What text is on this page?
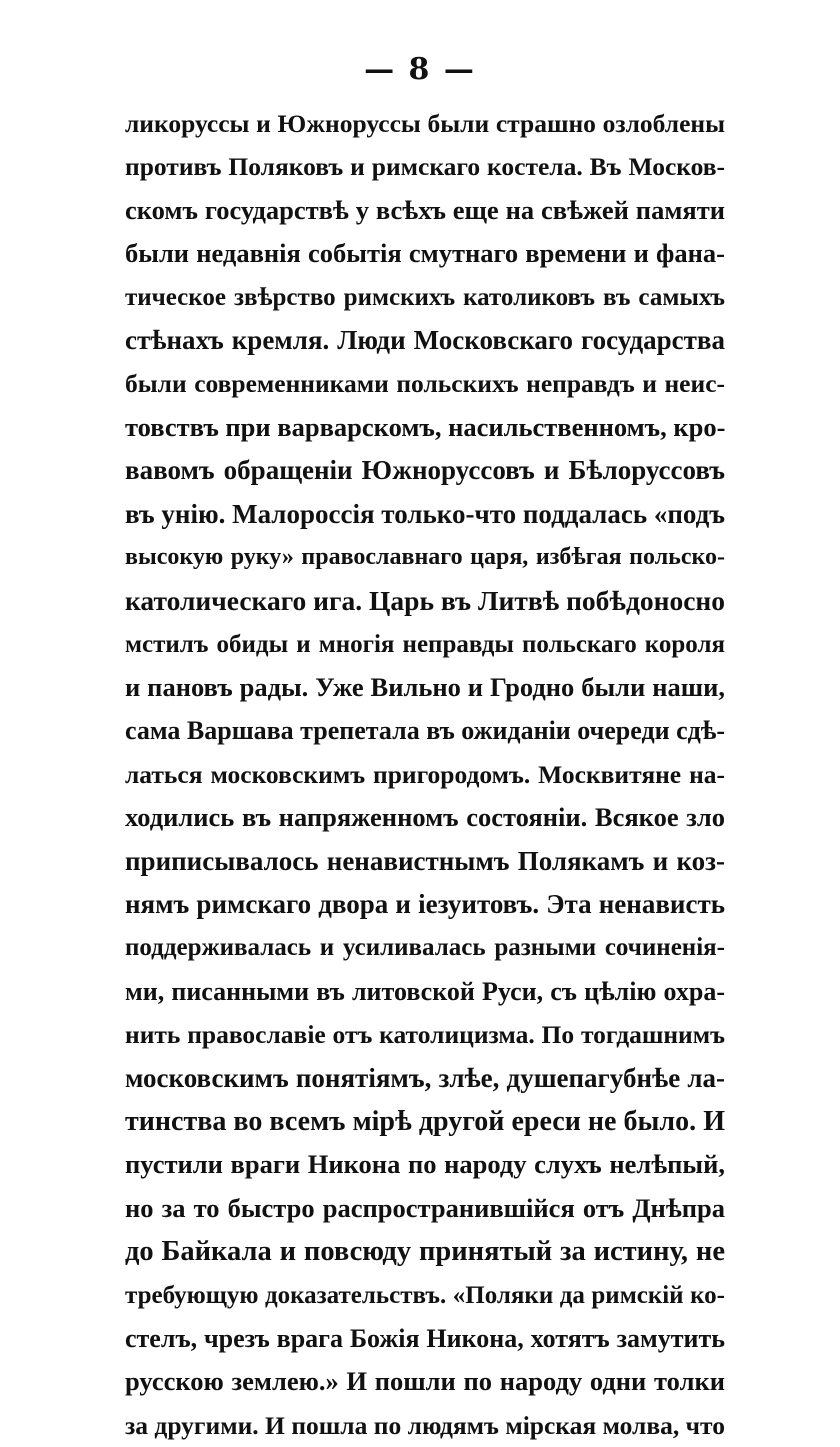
— 8 —
ликоруссы и Южноруссы были страшно озлоблены
противъ Поляковъ и римскаго костела. Въ Москов-
скомъ государствѣ у всѣхъ еще на свѣжей памяти
были недавнія событія смутнаго времени и фана-
тическое звѣрство римскихъ католиковъ въ самыхъ
стѣнахъ кремля. Люди Московскаго государства
были современниками польскихъ неправдъ и неис-
товствъ при варварскомъ, насильственномъ, кро-
вавомъ обращеніи Южноруссовъ и Бѣлоруссовъ
въ унію. Малороссія только-что поддалась «подъ
высокую руку» православнаго царя, избѣгая польско-
католическаго ига. Царь въ Литвѣ побѣдоносно
мстилъ обиды и многія неправды польскаго короля
и пановъ рады. Уже Вильно и Гродно были наши,
сама Варшава трепетала въ ожиданіи очереди сдѣ-
латься московскимъ пригородомъ. Москвитяне на-
ходились въ напряженномъ состояніи. Всякое зло
приписывалось ненавистнымъ Полякамъ и коз-
нямъ римскаго двора и іезуитовъ. Эта ненависть
поддерживалась и усиливалась разными сочиненія-
ми, писанными въ литовской Руси, съ цѣлію охра-
нить православіе отъ католицизма. По тогдашнимъ
московскимъ понятіямъ, злѣе, душепагубнѣе ла-
тинства во всемъ мірѣ другой ереси не было. И
пустили враги Никона по народу слухъ нелѣпый,
но за то быстро распространившійся отъ Днѣпра
до Байкала и повсюду принятый за истину, не
требующую доказательствъ. «Поляки да римскій ко-
стелъ, чрезъ врага Божія Никона, хотятъ замутить
русскою землею.» И пошли по народу одни толки
за другими. И пошла по людямъ мірская молва, что
